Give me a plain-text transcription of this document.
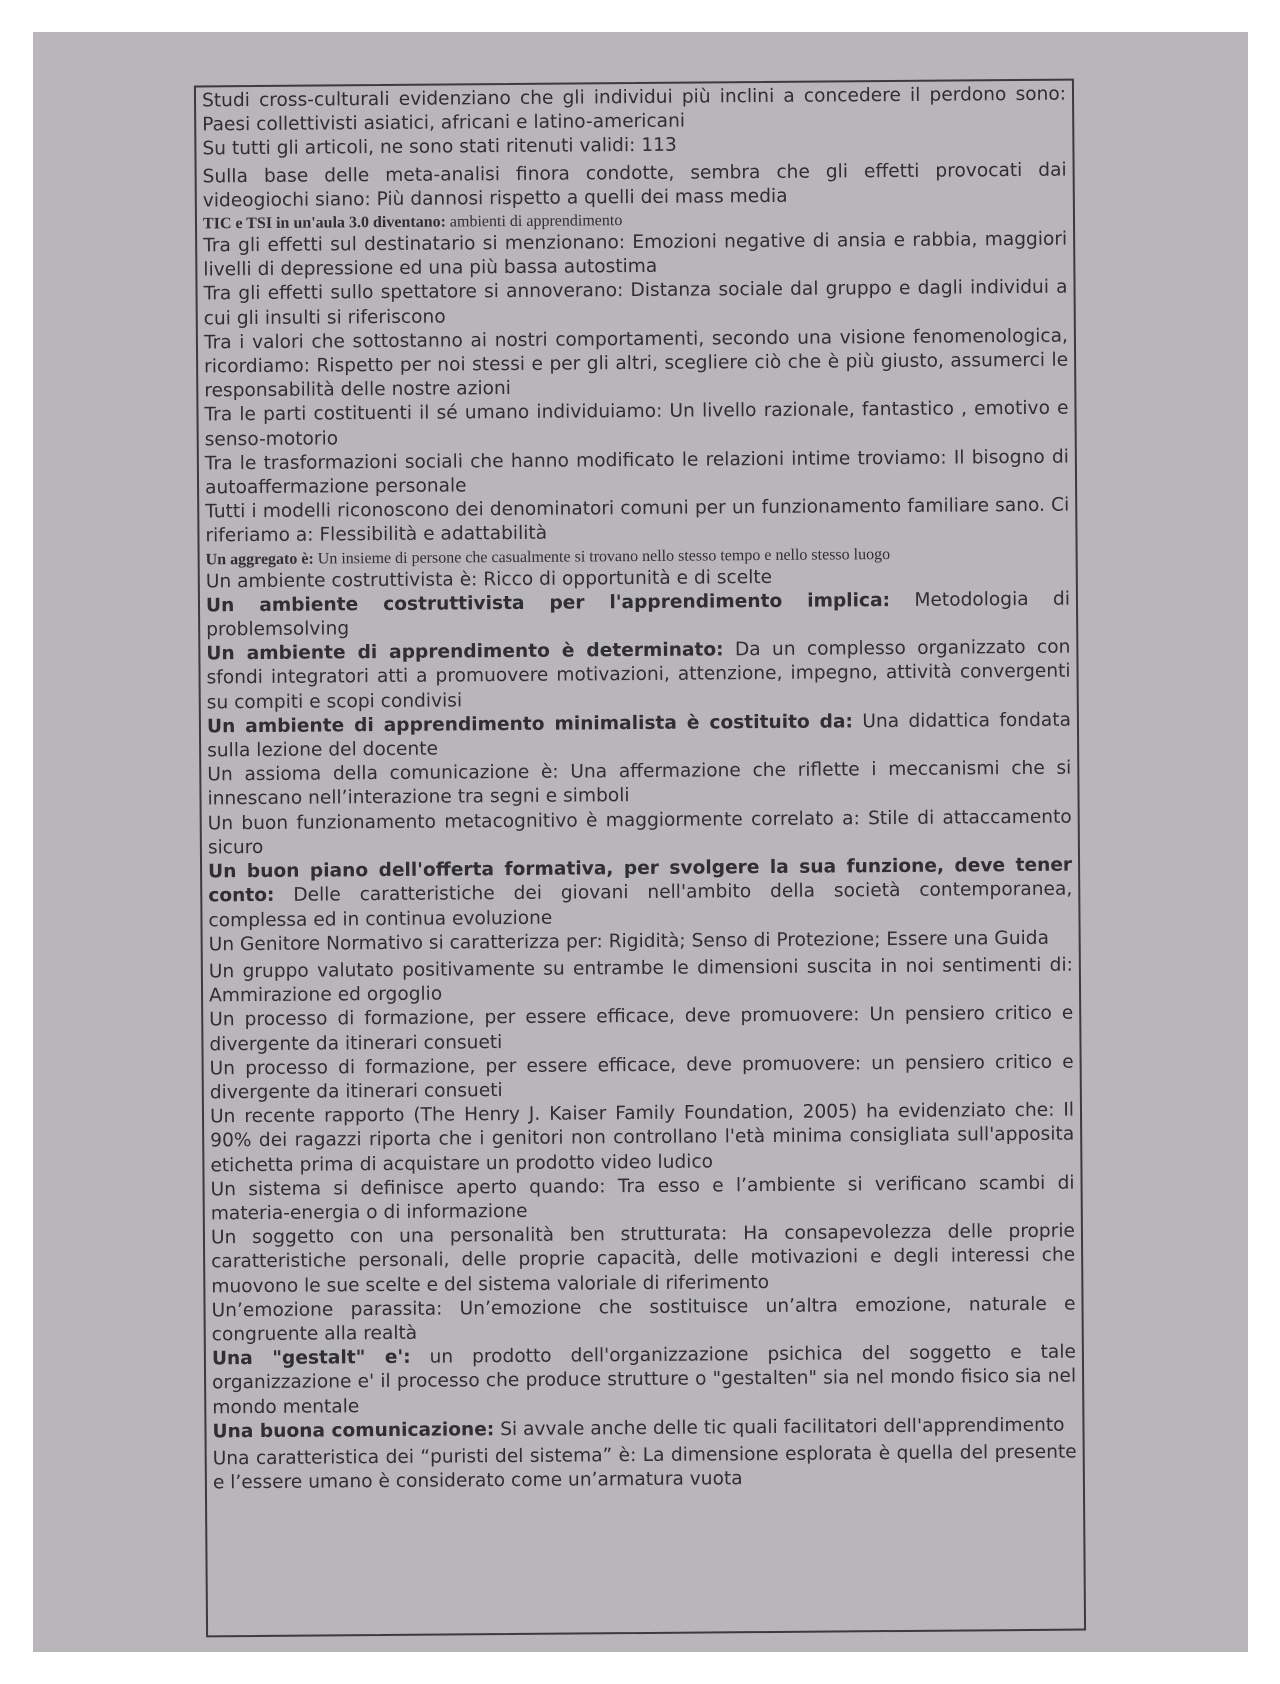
Studi cross-culturali evidenziano che gli individui più inclini a concedere il perdono sono: Paesi collettivisti asiatici, africani e latino-americani

Su tutti gli articoli, ne sono stati ritenuti validi: 113

Sulla base delle meta-analisi finora condotte, sembra che gli effetti provocati dai videogiochi siano: Più dannosi rispetto a quelli dei mass media

TIC e TSI in un'aula 3.0 diventano: ambienti di apprendimento

Tra gli effetti sul destinatario si menzionano: Emozioni negative di ansia e rabbia, maggiori livelli di depressione ed una più bassa autostima

Tra gli effetti sullo spettatore si annoverano: Distanza sociale dal gruppo e dagli individui a cui gli insulti si riferiscono

Tra i valori che sottostanno ai nostri comportamenti, secondo una visione fenomenologica, ricordiamo: Rispetto per noi stessi e per gli altri, scegliere ciò che è più giusto, assumerci le responsabilità delle nostre azioni

Tra le parti costituenti il sé umano individuiamo: Un livello razionale, fantastico , emotivo e senso-motorio

Tra le trasformazioni sociali che hanno modificato le relazioni intime troviamo: Il bisogno di autoaffermazione personale

Tutti i modelli riconoscono dei denominatori comuni per un funzionamento familiare sano. Ci riferiamo a: Flessibilità e adattabilità

Un aggregato è: Un insieme di persone che casualmente si trovano nello stesso tempo e nello stesso luogo

Un ambiente costruttivista è: Ricco di opportunità e di scelte

Un ambiente costruttivista per l'apprendimento implica: Metodologia di problemsolving

Un ambiente di apprendimento è determinato: Da un complesso organizzato con sfondi integratori atti a promuovere motivazioni, attenzione, impegno, attività convergenti su compiti e scopi condivisi

Un ambiente di apprendimento minimalista è costituito da: Una didattica fondata sulla lezione del docente

Un assioma della comunicazione è: Una affermazione che riflette i meccanismi che si innescano nell’interazione tra segni e simboli

Un buon funzionamento metacognitivo è maggiormente correlato a: Stile di attaccamento sicuro

Un buon piano dell'offerta formativa, per svolgere la sua funzione, deve tener conto: Delle caratteristiche dei giovani nell'ambito della società contemporanea, complessa ed in continua evoluzione

Un Genitore Normativo si caratterizza per: Rigidità; Senso di Protezione; Essere una Guida

Un gruppo valutato positivamente su entrambe le dimensioni suscita in noi sentimenti di: Ammirazione ed orgoglio

Un processo di formazione, per essere efficace, deve promuovere: Un pensiero critico e divergente da itinerari consueti

Un processo di formazione, per essere efficace, deve promuovere: un pensiero critico e divergente da itinerari consueti

Un recente rapporto (The Henry J. Kaiser Family Foundation, 2005) ha evidenziato che: Il 90% dei ragazzi riporta che i genitori non controllano l'età minima consigliata sull'apposita etichetta prima di acquistare un prodotto video ludico

Un sistema si definisce aperto quando: Tra esso e l’ambiente si verificano scambi di materia-energia o di informazione

Un soggetto con una personalità ben strutturata: Ha consapevolezza delle proprie caratteristiche personali, delle proprie capacità, delle motivazioni e degli interessi che muovono le sue scelte e del sistema valoriale di riferimento

Un’emozione parassita: Un’emozione che sostituisce un’altra emozione, naturale e congruente alla realtà

Una "gestalt" e': un prodotto dell'organizzazione psichica del soggetto e tale organizzazione e' il processo che produce strutture o "gestalten" sia nel mondo fisico sia nel mondo mentale

Una buona comunicazione: Si avvale anche delle tic quali facilitatori dell'apprendimento

Una caratteristica dei “puristi del sistema” è: La dimensione esplorata è quella del presente e l’essere umano è considerato come un’armatura vuota
